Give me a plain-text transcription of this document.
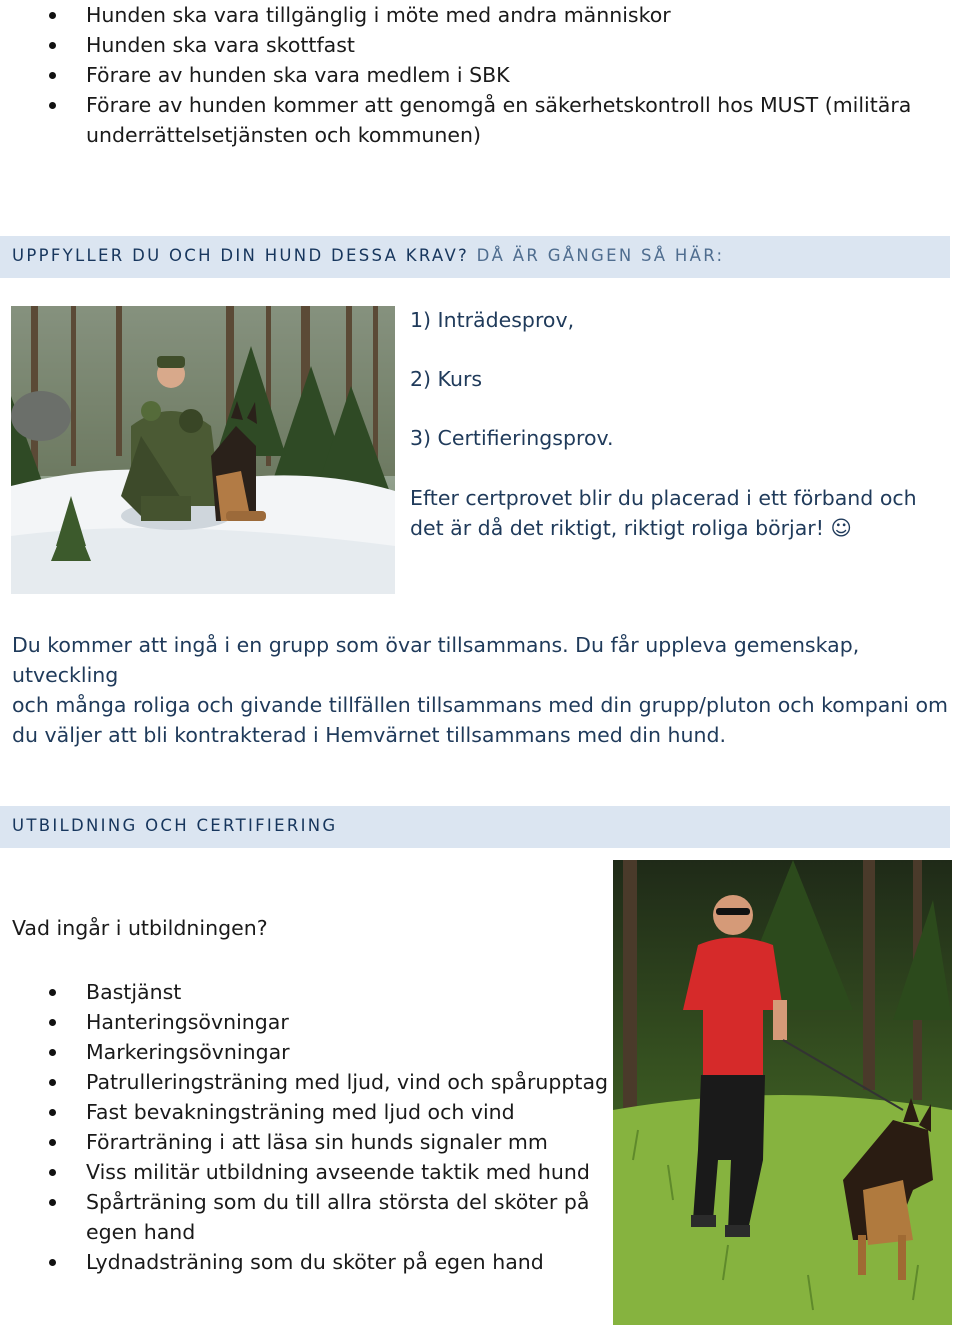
Hunden ska vara tillgänglig i möte med andra människor
Hunden ska vara skottfast
Förare av hunden ska vara medlem i SBK
Förare av hunden kommer att genomgå en säkerhetskontroll hos MUST (militära
underrättelsetjänsten och kommunen)
UPPFYLLER DU OCH DIN HUND DESSA KRAV? DÅ ÄR GÅNGEN SÅ HÄR:
1) Inträdesprov,
2) Kurs
3) Certifieringsprov.
Efter certprovet blir du placerad i ett förband och
det är då det riktigt, riktigt roliga börjar! ☺
Du kommer att ingå i en grupp som övar tillsammans. Du får uppleva gemenskap, utveckling
och många roliga och givande tillfällen tillsammans med din grupp/pluton och kompani om
du väljer att bli kontrakterad i Hemvärnet tillsammans med din hund.
UTBILDNING OCH CERTIFIERING
Vad ingår i utbildningen?
Bastjänst
Hanteringsövningar
Markeringsövningar
Patrulleringsträning med ljud, vind och spårupptag
Fast bevakningsträning med ljud och vind
Förarträning i att läsa sin hunds signaler mm
Viss militär utbildning avseende taktik med hund
Spårträning som du till allra största del sköter på
egen hand
Lydnadsträning som du sköter på egen hand
